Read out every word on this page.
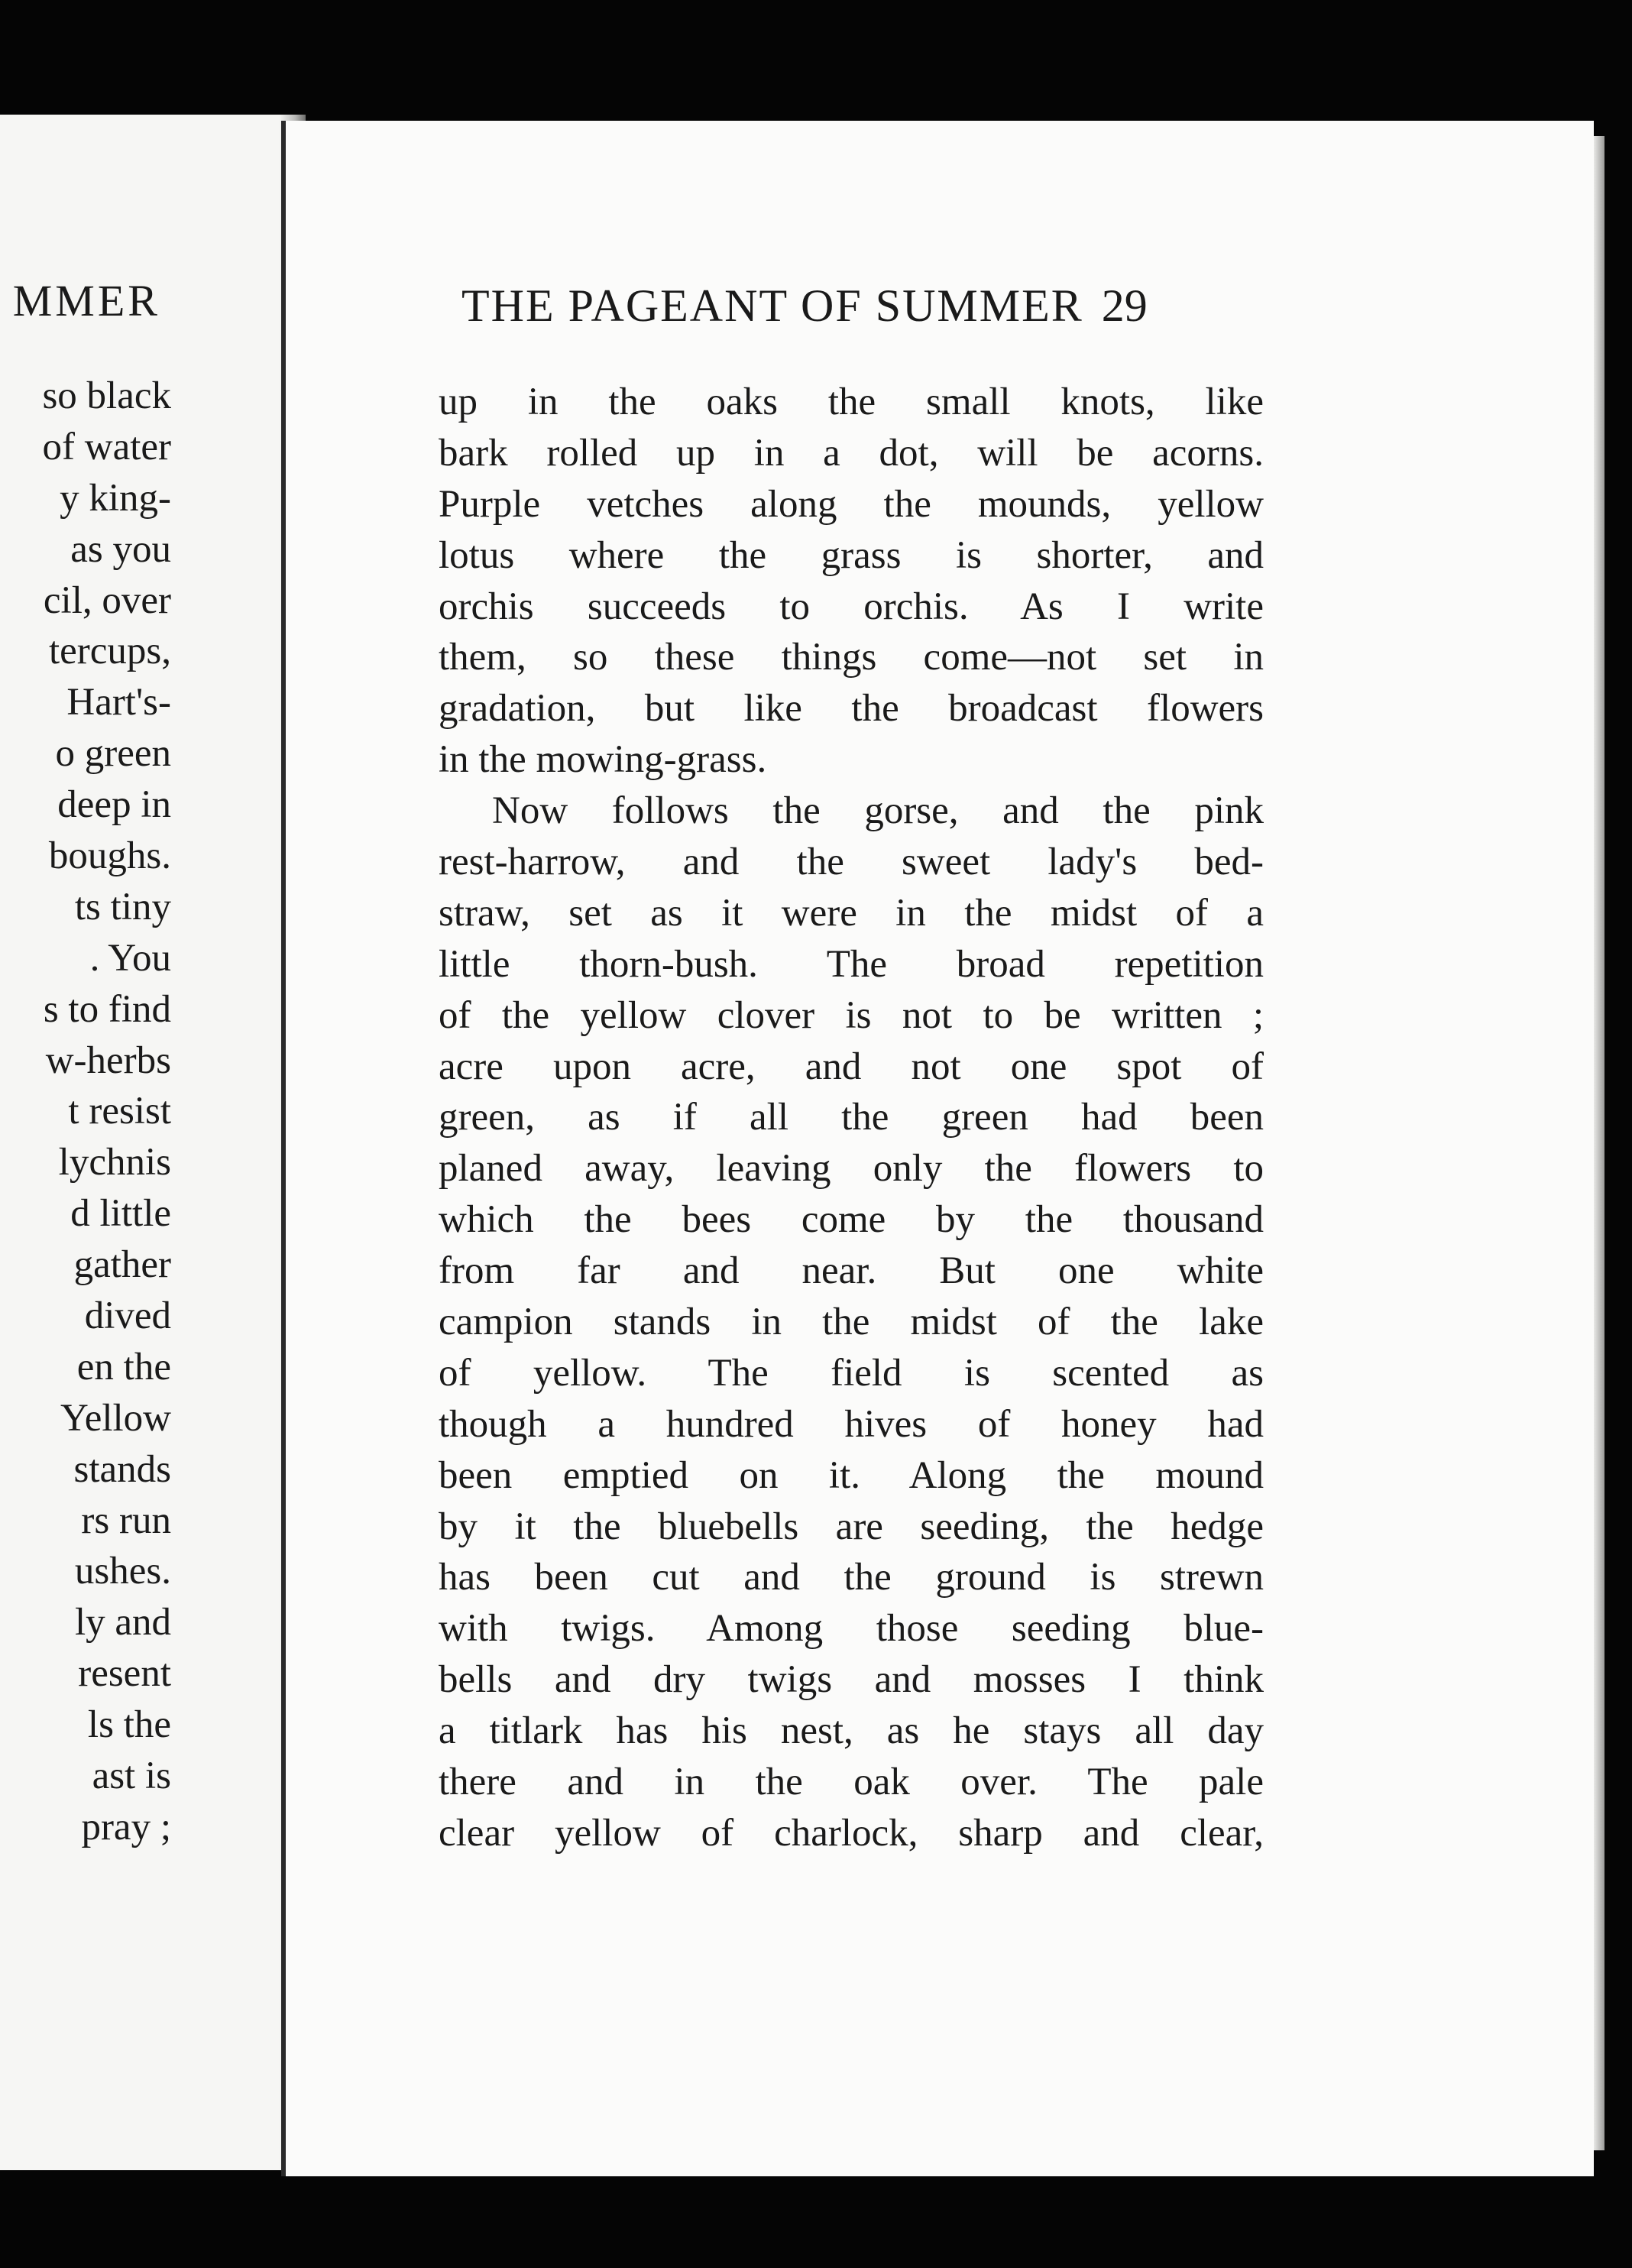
MMER
so black
of water
y king-
as you
cil, over
tercups,
Hart's-
o green
deep in
boughs.
ts tiny
. You
s to find
w-herbs
t resist
lychnis
d little
gather
dived
en the
Yellow
stands
rs run
ushes.
ly and
resent
ls the
ast is
pray ;
THE PAGEANT OF SUMMER 29
up in the oaks the small knots, like
bark rolled up in a dot, will be acorns.
Purple vetches along the mounds, yellow
lotus where the grass is shorter, and
orchis succeeds to orchis. As I write
them, so these things come—not set in
gradation, but like the broadcast flowers
in the mowing-grass.
Now follows the gorse, and the pink
rest-harrow, and the sweet lady's bed-
straw, set as it were in the midst of a
little thorn-bush. The broad repetition
of the yellow clover is not to be written ;
acre upon acre, and not one spot of
green, as if all the green had been
planed away, leaving only the flowers to
which the bees come by the thousand
from far and near. But one white
campion stands in the midst of the lake
of yellow. The field is scented as
though a hundred hives of honey had
been emptied on it. Along the mound
by it the bluebells are seeding, the hedge
has been cut and the ground is strewn
with twigs. Among those seeding blue-
bells and dry twigs and mosses I think
a titlark has his nest, as he stays all day
there and in the oak over. The pale
clear yellow of charlock, sharp and clear,
